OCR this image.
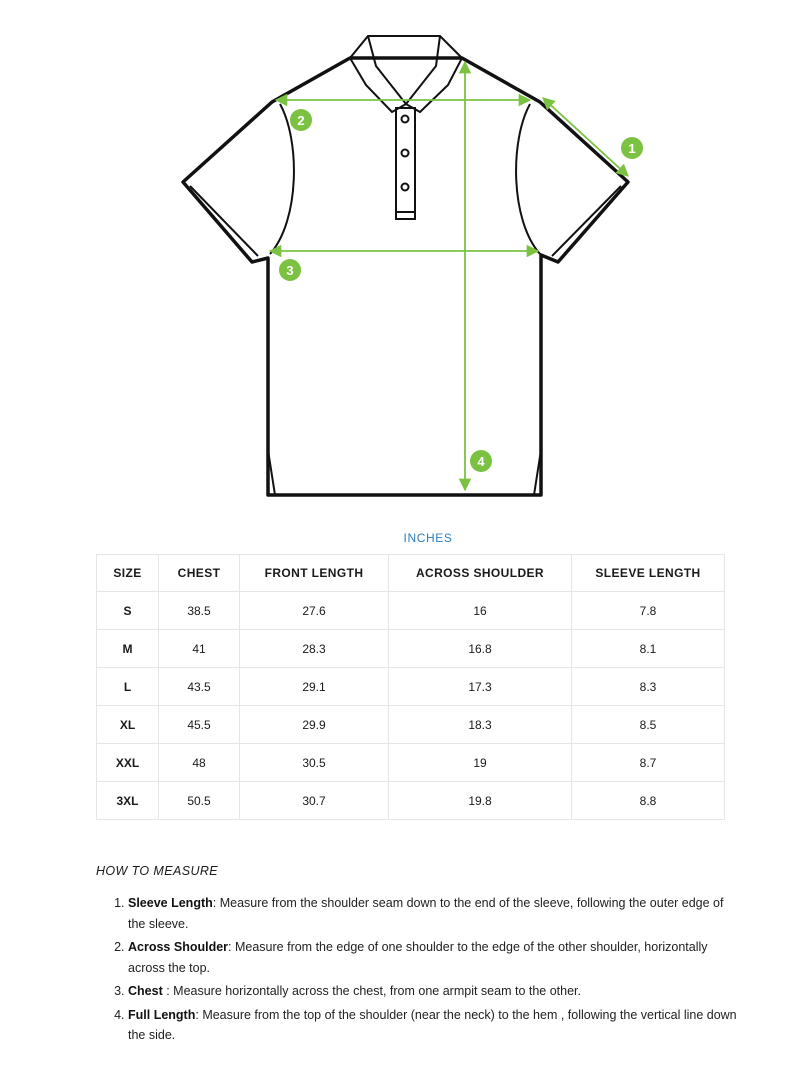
1
2
3
4
INCHES
SIZE	CHEST	FRONT LENGTH	ACROSS SHOULDER	SLEEVE LENGTH
S	38.5	27.6	16	7.8
M	41	28.3	16.8	8.1
L	43.5	29.1	17.3	8.3
XL	45.5	29.9	18.3	8.5
XXL	48	30.5	19	8.7
3XL	50.5	30.7	19.8	8.8
HOW TO MEASURE
1. Sleeve Length: Measure from the shoulder seam down to the end of the sleeve, following the outer edge of the sleeve.
2. Across Shoulder: Measure from the edge of one shoulder to the edge of the other shoulder, horizontally across the top.
3. Chest : Measure horizontally across the chest, from one armpit seam to the other.
4. Full Length: Measure from the top of the shoulder (near the neck) to the hem , following the vertical line down the side.
